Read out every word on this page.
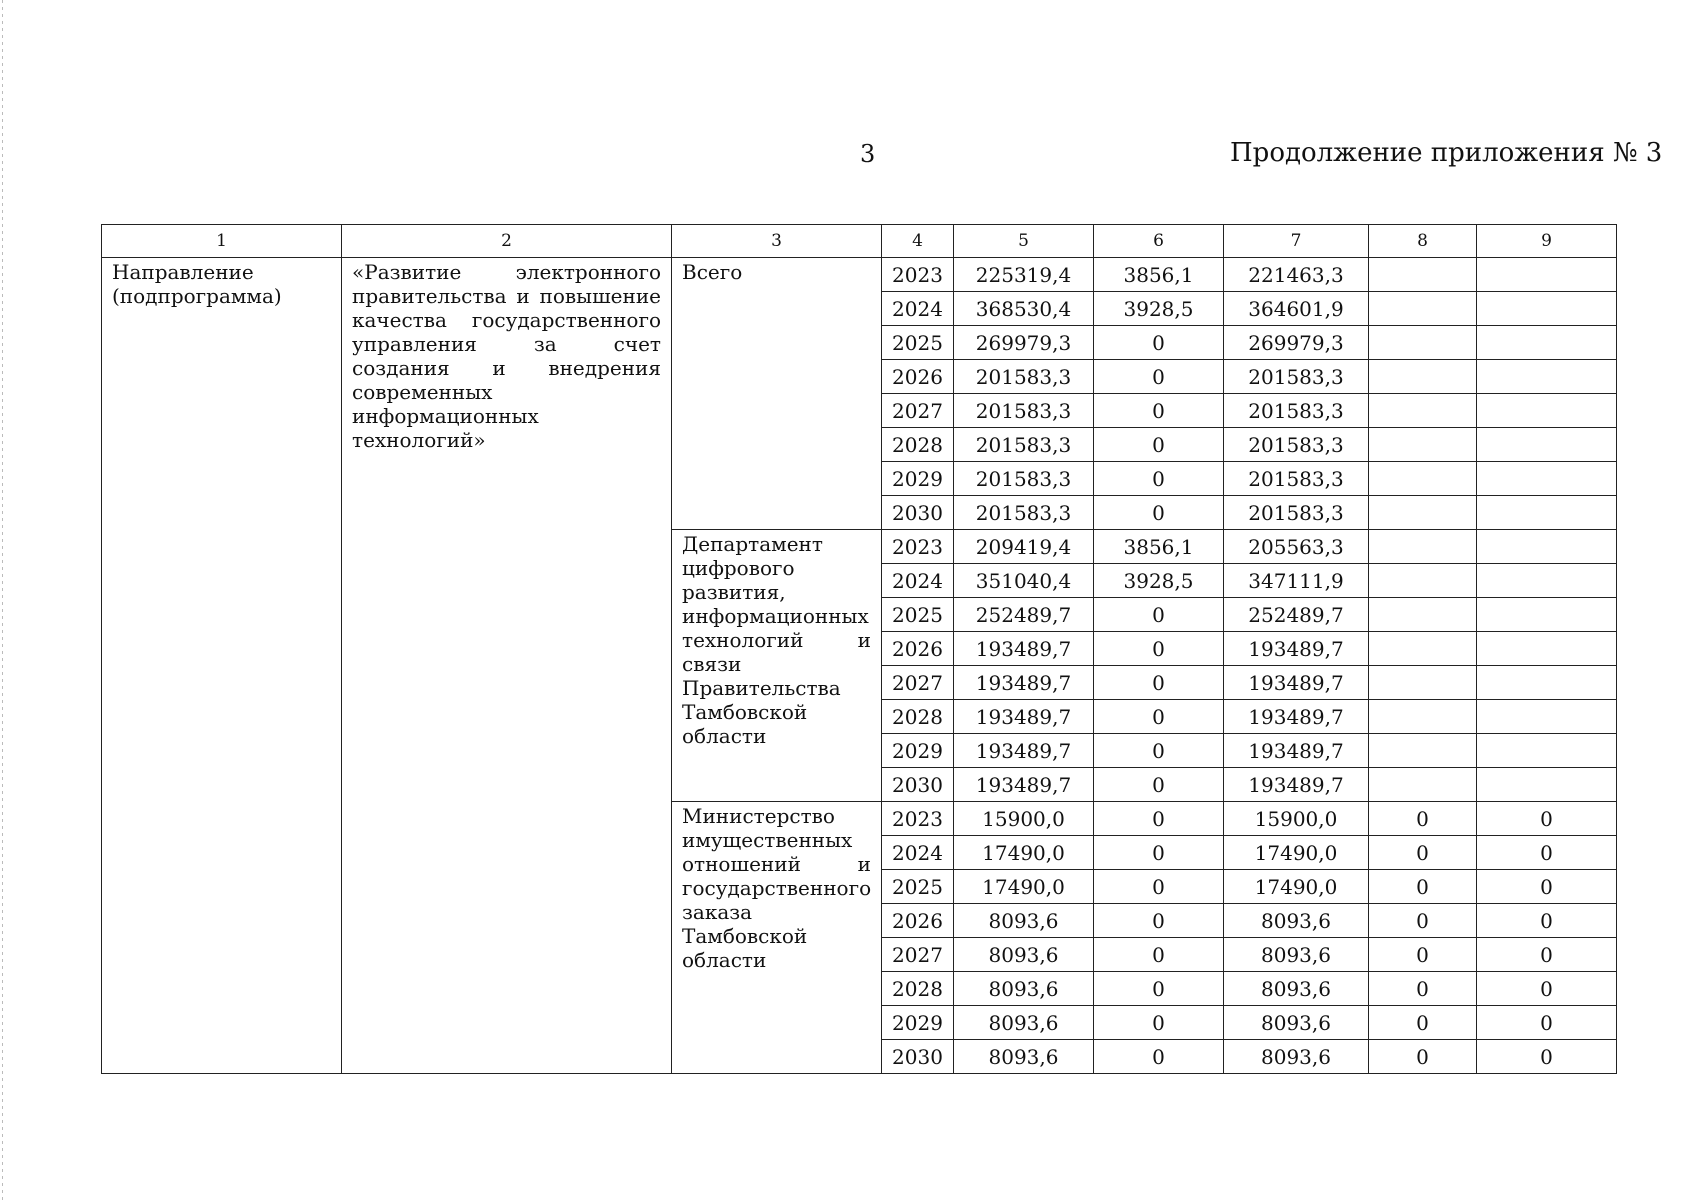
3	Продолжение приложения № 3
1	2	3	4	5	6	7	8	9
Направление (подпрограмма)	«Развитие электронного правительства и повышение качества государственного управления за счет создания и внедрения современных информационных технологий»	Всего	2023	225319,4	3856,1	221463,3		
			2024	368530,4	3928,5	364601,9		
			2025	269979,3	0	269979,3		
			2026	201583,3	0	201583,3		
			2027	201583,3	0	201583,3		
			2028	201583,3	0	201583,3		
			2029	201583,3	0	201583,3		
			2030	201583,3	0	201583,3		
		Департамент цифрового развития, информационных технологий и связи Правительства Тамбовской области	2023	209419,4	3856,1	205563,3		
			2024	351040,4	3928,5	347111,9		
			2025	252489,7	0	252489,7		
			2026	193489,7	0	193489,7		
			2027	193489,7	0	193489,7		
			2028	193489,7	0	193489,7		
			2029	193489,7	0	193489,7		
			2030	193489,7	0	193489,7		
		Министерство имущественных отношений и государственного заказа Тамбовской области	2023	15900,0	0	15900,0	0	0
			2024	17490,0	0	17490,0	0	0
			2025	17490,0	0	17490,0	0	0
			2026	8093,6	0	8093,6	0	0
			2027	8093,6	0	8093,6	0	0
			2028	8093,6	0	8093,6	0	0
			2029	8093,6	0	8093,6	0	0
			2030	8093,6	0	8093,6	0	0
